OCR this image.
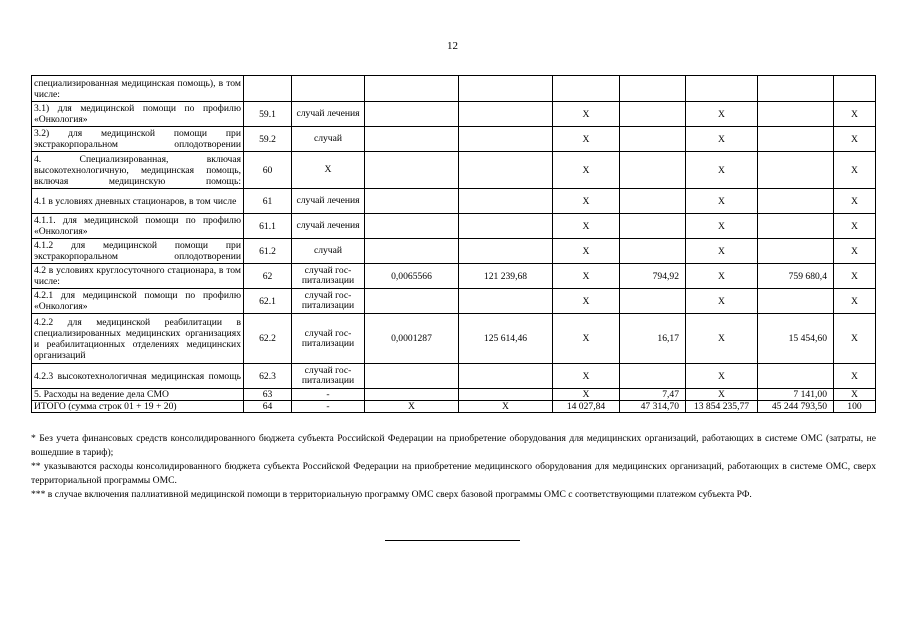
12
специализированная медицинская помощь), в том числе:									
3.1) для медицинской помощи по профилю «Онкология»	59.1	случай лечения			X		X		X
3.2) для медицинской помощи при экстракорпоральном оплодотворении	59.2	случай			X		X		X
4. Специализированная, включая высокотехнологичную, медицинская помощь, включая медицинскую помощь:	60	X			X		X		X
4.1 в условиях дневных стационаров, в том числе	61	случай лечения			X		X		X
4.1.1. для медицинской помощи по профилю «Онкология»	61.1	случай лечения			X		X		X
4.1.2 для медицинской помощи при экстракорпоральном оплодотворении	61.2	случай			X		X		X
4.2 в условиях круглосуточного стационара, в том числе:	62	случай гос-питализации	0,0065566	121 239,68	X	794,92	X	759 680,4	X
4.2.1 для медицинской помощи по профилю «Онкология»	62.1	случай гос-питализации			X		X		X
4.2.2 для медицинской реабилитации в специализированных медицинских организациях и реабилитационных отделениях медицинских организаций	62.2	случай гос-питализации	0,0001287	125 614,46	X	16,17	X	15 454,60	X
4.2.3 высокотехнологичная медицинская помощь	62.3	случай гос-питализации			X		X		X
5. Расходы на ведение дела СМО	63	-			X	7,47	X	7 141,00	X
ИТОГО (сумма строк 01 + 19 + 20)	64	-	X	X	14 027,84	47 314,70	13 854 235,77	45 244 793,50	100

* Без учета финансовых средств консолидированного бюджета субъекта Российской Федерации на приобретение оборудования для медицинских организаций, работающих в системе ОМС (затраты, не вошедшие в тариф);

** указываются расходы консолидированного бюджета субъекта Российской Федерации на приобретение медицинского оборудования для медицинских организаций, работающих в системе ОМС, сверх территориальной программы ОМС.

*** в случае включения паллиативной медицинской помощи в территориальную программу ОМС сверх базовой программы ОМС с соответствующими платежом субъекта РФ.
